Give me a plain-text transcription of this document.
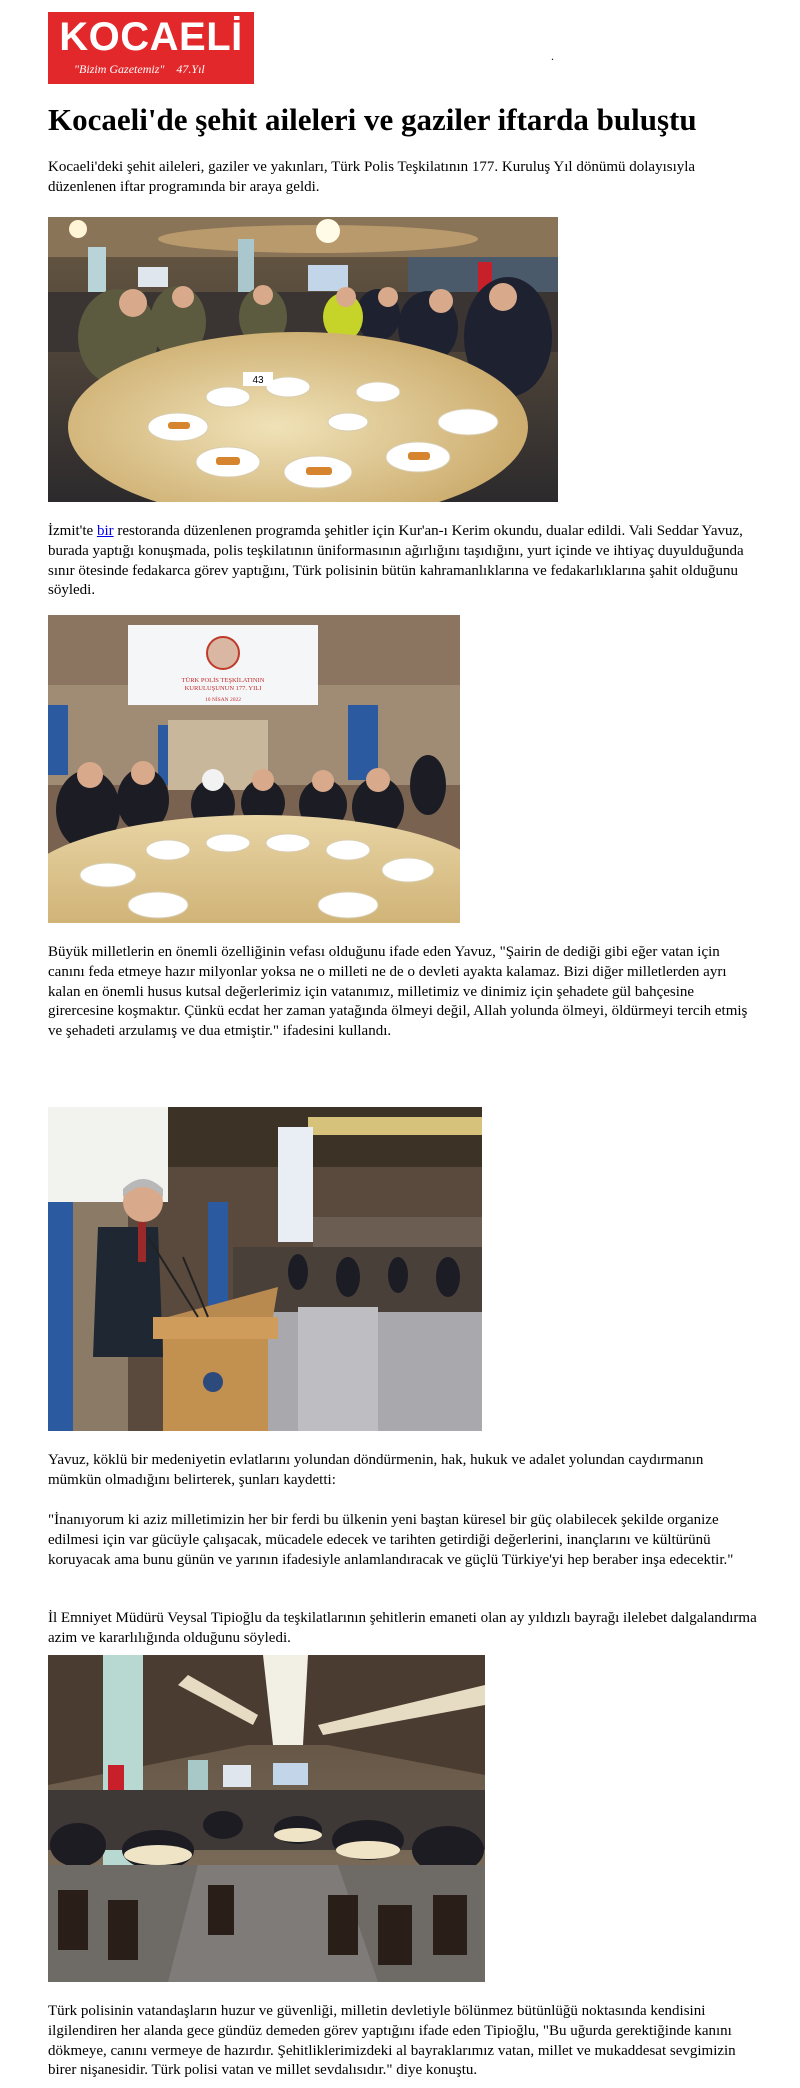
KOCAELİ
"Bizim Gazetemiz" 47.Yıl
.
Kocaeli'de şehit aileleri ve gaziler iftarda buluştu

Kocaeli'deki şehit aileleri, gaziler ve yakınları, Türk Polis Teşkilatının 177. Kuruluş Yıl dönümü dolayısıyla düzenlenen iftar programında bir araya geldi.

43

İzmit'te bir restoranda düzenlenen programda şehitler için Kur'an-ı Kerim okundu, dualar edildi. Vali Seddar Yavuz, burada yaptığı konuşmada, polis teşkilatının üniformasının ağırlığını taşıdığını, yurt içinde ve ihtiyaç duyulduğunda sınır ötesinde fedakarca görev yaptığını, Türk polisinin bütün kahramanlıklarına ve fedakarlıklarına şahit olduğunu söyledi.

TÜRK POLİS TEŞKİLATININ
KURULUŞUNUN 177. YILI
10 NİSAN 2022

Büyük milletlerin en önemli özelliğinin vefası olduğunu ifade eden Yavuz, "Şairin de dediği gibi eğer vatan için canını feda etmeye hazır milyonlar yoksa ne o milleti ne de o devleti ayakta kalamaz. Bizi diğer milletlerden ayrı kalan en önemli husus kutsal değerlerimiz için vatanımız, milletimiz ve dinimiz için şehadete gül bahçesine girercesine koşmaktır. Çünkü ecdat her zaman yatağında ölmeyi değil, Allah yolunda ölmeyi, öldürmeyi tercih etmiş ve şehadeti arzulamış ve dua etmiştir." ifadesini kullandı.

Yavuz, köklü bir medeniyetin evlatlarını yolundan döndürmenin, hak, hukuk ve adalet yolundan caydırmanın mümkün olmadığını belirterek, şunları kaydetti:

"İnanıyorum ki aziz milletimizin her bir ferdi bu ülkenin yeni baştan küresel bir güç olabilecek şekilde organize edilmesi için var gücüyle çalışacak, mücadele edecek ve tarihten getirdiği değerlerini, inançlarını ve kültürünü koruyacak ama bunu günün ve yarının ifadesiyle anlamlandıracak ve güçlü Türkiye'yi hep beraber inşa edecektir."

İl Emniyet Müdürü Veysal Tipioğlu da teşkilatlarının şehitlerin emaneti olan ay yıldızlı bayrağı ilelebet dalgalandırma azim ve kararlılığında olduğunu söyledi.

Türk polisinin vatandaşların huzur ve güvenliği, milletin devletiyle bölünmez bütünlüğü noktasında kendisini ilgilendiren her alanda gece gündüz demeden görev yaptığını ifade eden Tipioğlu, "Bu uğurda gerektiğinde kanını dökmeye, canını vermeye de hazırdır. Şehitliklerimizdeki al bayraklarımız vatan, millet ve mukaddesat sevgimizin birer nişanesidir. Türk polisi vatan ve millet sevdalısıdır." diye konuştu.
